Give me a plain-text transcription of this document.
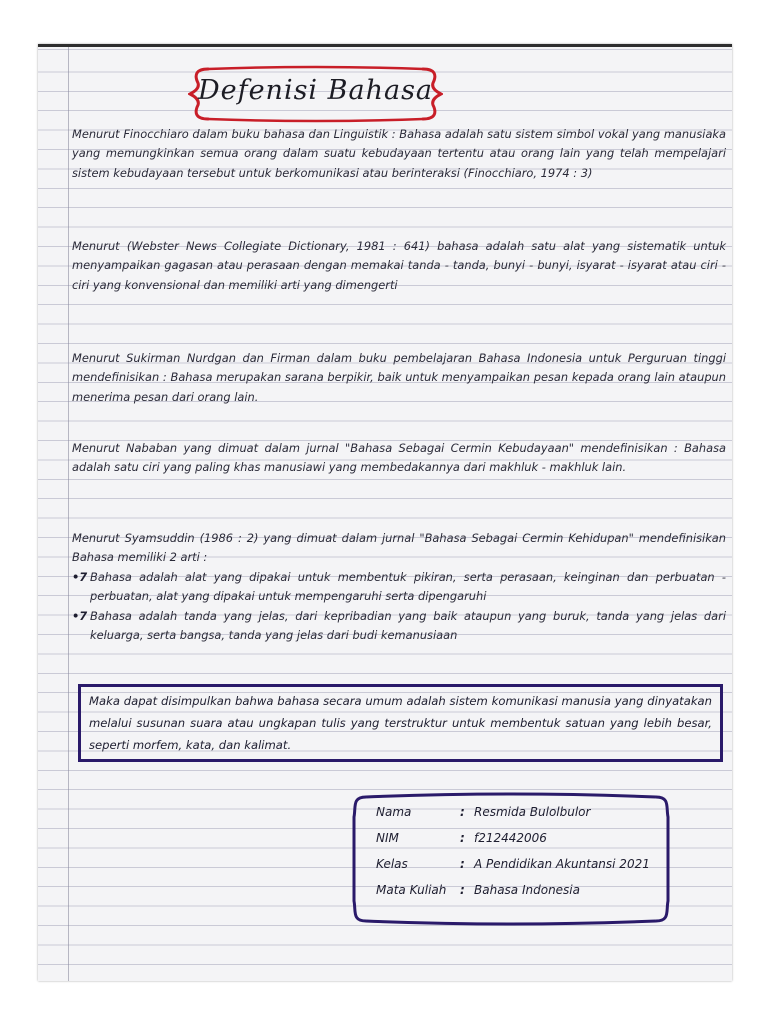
Defenisi Bahasa

Menurut Finocchiaro dalam buku bahasa dan Linguistik : Bahasa adalah satu sistem simbol vokal yang manusiaka yang memungkinkan semua orang dalam suatu kebudayaan tertentu atau orang lain yang telah mempelajari sistem kebudayaan tersebut untuk berkomunikasi atau berinteraksi (Finocchiaro, 1974 : 3)

Menurut (Webster News Collegiate Dictionary, 1981 : 641) bahasa adalah satu alat yang sistematik untuk menyampaikan gagasan atau perasaan dengan memakai tanda - tanda, bunyi - bunyi, isyarat - isyarat atau ciri - ciri yang konvensional dan memiliki arti yang dimengerti

Menurut Sukirman Nurdgan dan Firman dalam buku pembelajaran Bahasa Indonesia untuk Perguruan tinggi mendefinisikan : Bahasa merupakan sarana berpikir, baik untuk menyampaikan pesan kepada orang lain ataupun menerima pesan dari orang lain.

Menurut Nababan yang dimuat dalam jurnal "Bahasa Sebagai Cermin Kebudayaan" mendefinisikan : Bahasa adalah satu ciri yang paling khas manusiawi yang membedakannya dari makhluk - makhluk lain.

Menurut Syamsuddin (1986 : 2) yang dimuat dalam jurnal "Bahasa Sebagai Cermin Kehidupan" mendefinisikan Bahasa memiliki 2 arti :

•7 Bahasa adalah alat yang dipakai untuk membentuk pikiran, serta perasaan, keinginan dan perbuatan - perbuatan, alat yang dipakai untuk mempengaruhi serta dipengaruhi
•7 Bahasa adalah tanda yang jelas, dari kepribadian yang baik ataupun yang buruk, tanda yang jelas dari keluarga, serta bangsa, tanda yang jelas dari budi kemanusiaan
Maka dapat disimpulkan bahwa bahasa secara umum adalah sistem komunikasi manusia yang dinyatakan melalui susunan suara atau ungkapan tulis yang terstruktur untuk membentuk satuan yang lebih besar, seperti morfem, kata, dan kalimat.
Nama	: Resmida Bulolbulor
NIM	: f212442006
Kelas	: A Pendidikan Akuntansi 2021
Mata Kuliah	: Bahasa Indonesia
